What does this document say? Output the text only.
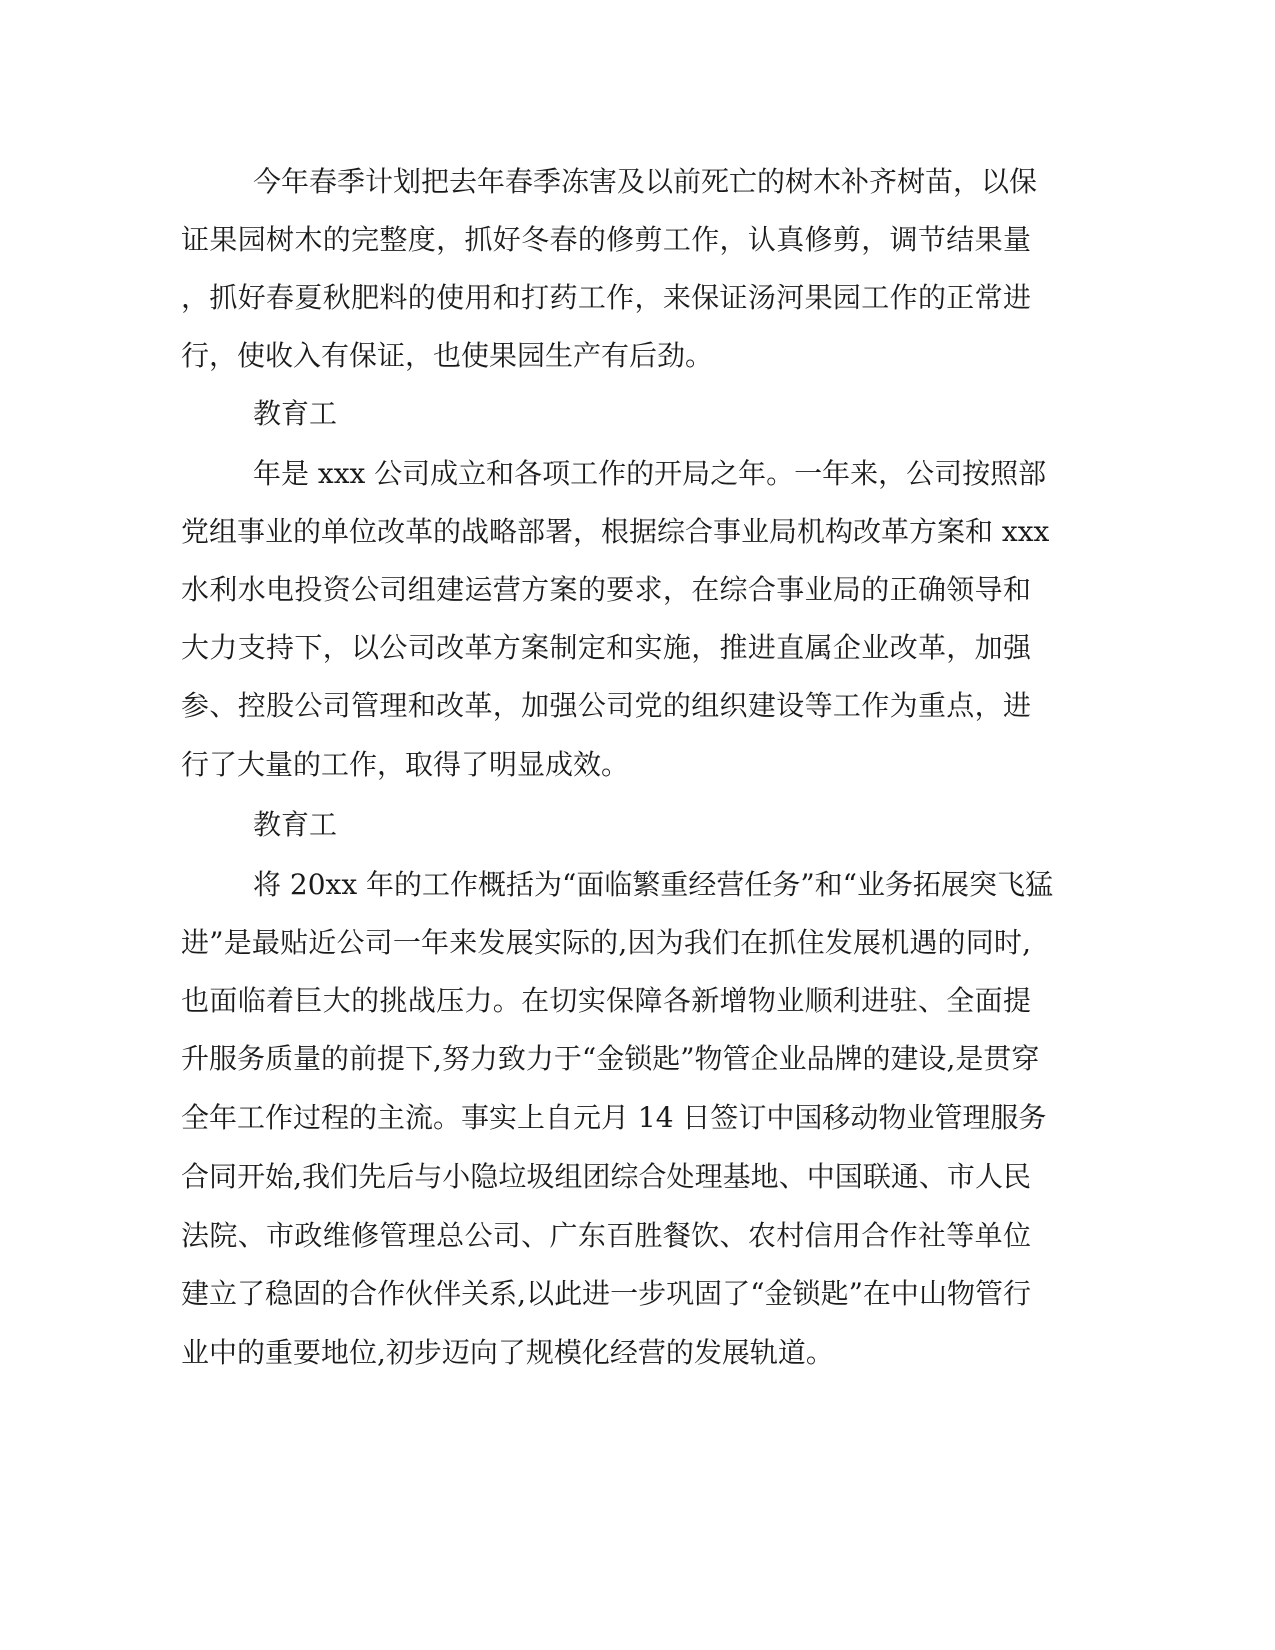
今年春季计划把去年春季冻害及以前死亡的树木补齐树苗，以保
证果园树木的完整度，抓好冬春的修剪工作，认真修剪，调节结果量
，抓好春夏秋肥料的使用和打药工作，来保证汤河果园工作的正常进
行，使收入有保证，也使果园生产有后劲。
教育工
年是 xxx 公司成立和各项工作的开局之年。一年来，公司按照部
党组事业的单位改革的战略部署，根据综合事业局机构改革方案和 xxx
水利水电投资公司组建运营方案的要求，在综合事业局的正确领导和
大力支持下，以公司改革方案制定和实施，推进直属企业改革，加强
参、控股公司管理和改革，加强公司党的组织建设等工作为重点，进
行了大量的工作，取得了明显成效。
教育工
将 20xx 年的工作概括为“面临繁重经营任务”和“业务拓展突飞猛
进”是最贴近公司一年来发展实际的,因为我们在抓住发展机遇的同时,
也面临着巨大的挑战压力。在切实保障各新增物业顺利进驻、全面提
升服务质量的前提下,努力致力于“金锁匙”物管企业品牌的建设,是贯穿
全年工作过程的主流。事实上自元月 14 日签订中国移动物业管理服务
合同开始,我们先后与小隐垃圾组团综合处理基地、中国联通、市人民
法院、市政维修管理总公司、广东百胜餐饮、农村信用合作社等单位
建立了稳固的合作伙伴关系,以此进一步巩固了“金锁匙”在中山物管行
业中的重要地位,初步迈向了规模化经营的发展轨道。
